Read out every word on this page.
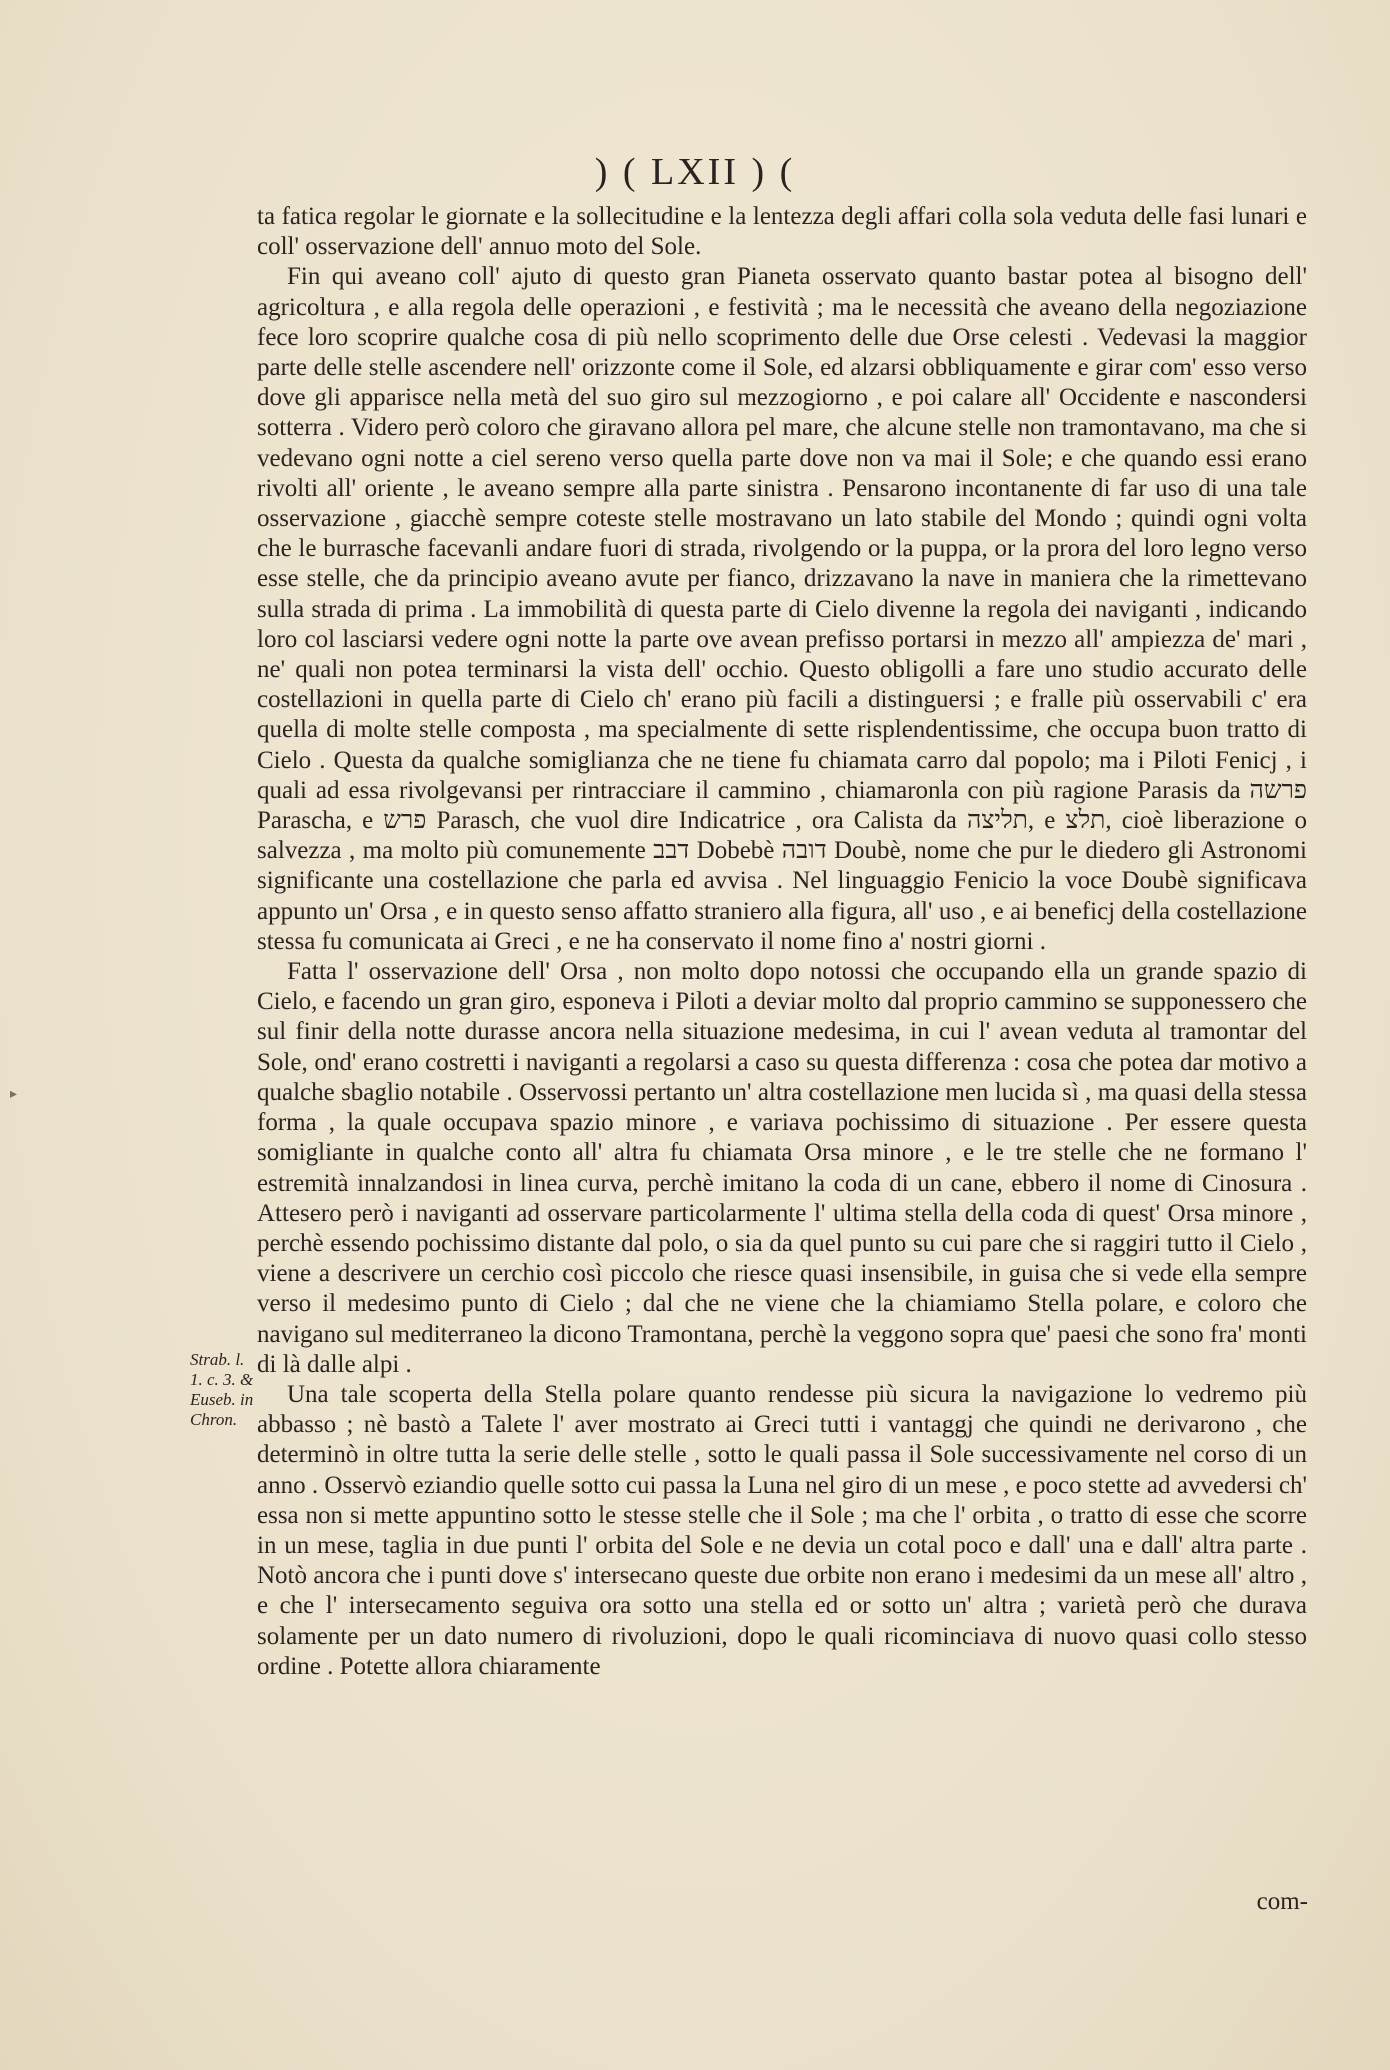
) ( LXII ) (

ta fatica regolar le giornate e la sollecitudine e la lentezza degli affari colla sola veduta delle fasi lunari e coll' osservazione dell' annuo moto del Sole.

Fin qui aveano coll' ajuto di questo gran Pianeta osservato quanto bastar potea al bisogno dell' agricoltura , e alla regola delle operazioni , e festività ; ma le necessità che aveano della negoziazione fece loro scoprire qualche cosa di più nello scoprimento delle due Orse celesti . Vedevasi la maggior parte delle stelle ascendere nell' orizzonte come il Sole, ed alzarsi obbliquamente e girar com' esso verso dove gli apparisce nella metà del suo giro sul mezzogiorno , e poi calare all' Occidente e nascondersi sotterra . Videro però coloro che giravano allora pel mare, che alcune stelle non tramontavano, ma che si vedevano ogni notte a ciel sereno verso quella parte dove non va mai il Sole; e che quando essi erano rivolti all' oriente , le aveano sempre alla parte sinistra . Pensarono incontanente di far uso di una tale osservazione , giacchè sempre coteste stelle mostravano un lato stabile del Mondo ; quindi ogni volta che le burrasche facevanli andare fuori di strada, rivolgendo or la puppa, or la prora del loro legno verso esse stelle, che da principio aveano avute per fianco, drizzavano la nave in maniera che la rimettevano sulla strada di prima . La immobilità di questa parte di Cielo divenne la regola dei naviganti , indicando loro col lasciarsi vedere ogni notte la parte ove avean prefisso portarsi in mezzo all' ampiezza de' mari , ne' quali non potea terminarsi la vista dell' occhio. Questo obligolli a fare uno studio accurato delle costellazioni in quella parte di Cielo ch' erano più facili a distinguersi ; e fralle più osservabili c' era quella di molte stelle composta , ma specialmente di sette risplendentissime, che occupa buon tratto di Cielo . Questa da qualche somiglianza che ne tiene fu chiamata carro dal popolo; ma i Piloti Fenicj , i quali ad essa rivolgevansi per rintracciare il cammino , chiamaronla con più ragione Parasis da פרשה Parascha, e פרש Parasch, che vuol dire Indicatrice , ora Calista da תליצה, e תלצ, cioè liberazione o salvezza , ma molto più comunemente דבב Dobebè דובה Doubè, nome che pur le diedero gli Astronomi significante una costellazione che parla ed avvisa . Nel linguaggio Fenicio la voce Doubè significava appunto un' Orsa , e in questo senso affatto straniero alla figura, all' uso , e ai beneficj della costellazione stessa fu comunicata ai Greci , e ne ha conservato il nome fino a' nostri giorni .

Fatta l' osservazione dell' Orsa , non molto dopo notossi che occupando ella un grande spazio di Cielo, e facendo un gran giro, esponeva i Piloti a deviar molto dal proprio cammino se supponessero che sul finir della notte durasse ancora nella situazione medesima, in cui l' avean veduta al tramontar del Sole, ond' erano costretti i naviganti a regolarsi a caso su questa differenza : cosa che potea dar motivo a qualche sbaglio notabile . Osservossi pertanto un' altra costellazione men lucida sì , ma quasi della stessa forma , la quale occupava spazio minore , e variava pochissimo di situazione . Per essere questa somigliante in qualche conto all' altra fu chiamata Orsa minore , e le tre stelle che ne formano l' estremità innalzandosi in linea curva, perchè imitano la coda di un cane, ebbero il nome di Cinosura . Attesero però i naviganti ad osservare particolarmente l' ultima stella della coda di quest' Orsa minore , perchè essendo pochissimo distante dal polo, o sia da quel punto su cui pare che si raggiri tutto il Cielo , viene a descrivere un cerchio così piccolo che riesce quasi insensibile, in guisa che si vede ella sempre verso il medesimo punto di Cielo ; dal che ne viene che la chiamiamo Stella polare, e coloro che navigano sul mediterraneo la dicono Tramontana, perchè la veggono sopra que' paesi che sono fra' monti di là dalle alpi .

Una tale scoperta della Stella polare quanto rendesse più sicura la navigazione lo vedremo più abbasso ; nè bastò a Talete l' aver mostrato ai Greci tutti i vantaggj che quindi ne derivarono , che determinò in oltre tutta la serie delle stelle , sotto le quali passa il Sole successivamente nel corso di un anno . Osservò eziandio quelle sotto cui passa la Luna nel giro di un mese , e poco stette ad avvedersi ch' essa non si mette appuntino sotto le stesse stelle che il Sole ; ma che l' orbita , o tratto di esse che scorre in un mese, taglia in due punti l' orbita del Sole e ne devia un cotal poco e dall' una e dall' altra parte . Notò ancora che i punti dove s' intersecano queste due orbite non erano i medesimi da un mese all' altro , e che l' intersecamento seguiva ora sotto una stella ed or sotto un' altra ; varietà però che durava solamente per un dato numero di rivoluzioni, dopo le quali ricominciava di nuovo quasi collo stesso ordine . Potette allora chiaramente

com-
Strab. l. 1. c. 3. & Euseb. in Chron.
▸
